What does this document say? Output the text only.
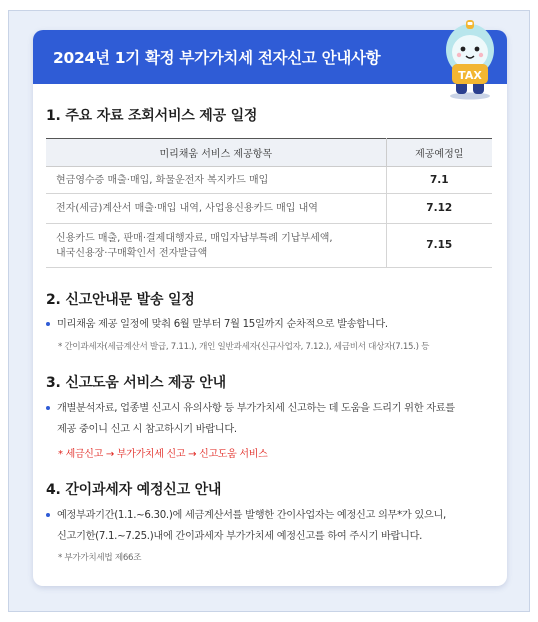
2024년 1기 확정 부가가치세 전자신고 안내사항
TAX
1. 주요 자료 조회서비스 제공 일정
미리채움 서비스 제공항목	제공예정일
현금영수증 매출·매입, 화물운전자 복지카드 매입	7.1
전자(세금)계산서 매출·매입 내역, 사업용신용카드 매입 내역	7.12

신용카드 매출, 판매·결제대행자료, 매입자납부특례 기납부세액,
내국신용장·구매확인서 전자발급액	7.15
2. 신고안내문 발송 일정
미리채움 제공 일정에 맞춰 6월 말부터 7월 15일까지 순차적으로 발송합니다.
* 간이과세자(세금계산서 발급, 7.11.), 개인 일반과세자(신규사업자, 7.12.), 세금비서 대상자(7.15.) 등
3. 신고도움 서비스 제공 안내
개별분석자료, 업종별 신고시 유의사항 등 부가가치세 신고하는 데 도움을 드리기 위한 자료를
제공 중이니 신고 시 참고하시기 바랍니다.
* 세금신고 → 부가가치세 신고 → 신고도움 서비스
4. 간이과세자 예정신고 안내
예정부과기간(1.1.~6.30.)에 세금계산서를 발행한 간이사업자는 예정신고 의무*가 있으니,
신고기한(7.1.~7.25.)내에 간이과세자 부가가치세 예정신고를 하여 주시기 바랍니다.
* 부가가치세법 제66조
